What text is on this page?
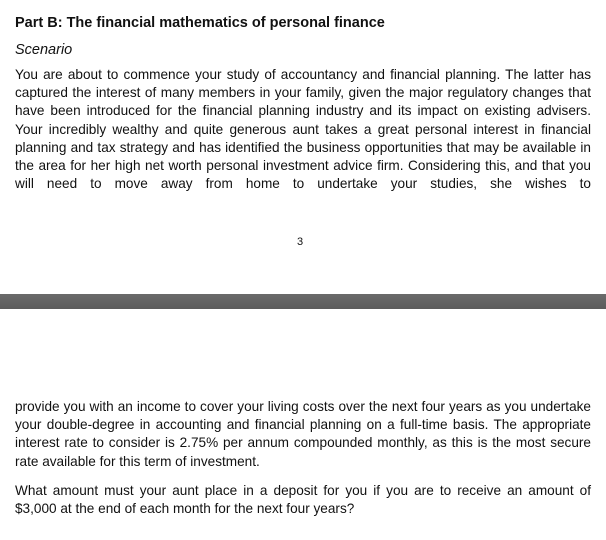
Part B: The financial mathematics of personal finance
Scenario
You are about to commence your study of accountancy and financial planning. The latter has captured the interest of many members in your family, given the major regulatory changes that have been introduced for the financial planning industry and its impact on existing advisers. Your incredibly wealthy and quite generous aunt takes a great personal interest in financial planning and tax strategy and has identified the business opportunities that may be available in the area for her high net worth personal investment advice firm. Considering this, and that you will need to move away from home to undertake your studies, she wishes to
3
provide you with an income to cover your living costs over the next four years as you undertake your double-degree in accounting and financial planning on a full-time basis. The appropriate interest rate to consider is 2.75% per annum compounded monthly, as this is the most secure rate available for this term of investment.
What amount must your aunt place in a deposit for you if you are to receive an amount of $3,000 at the end of each month for the next four years?
